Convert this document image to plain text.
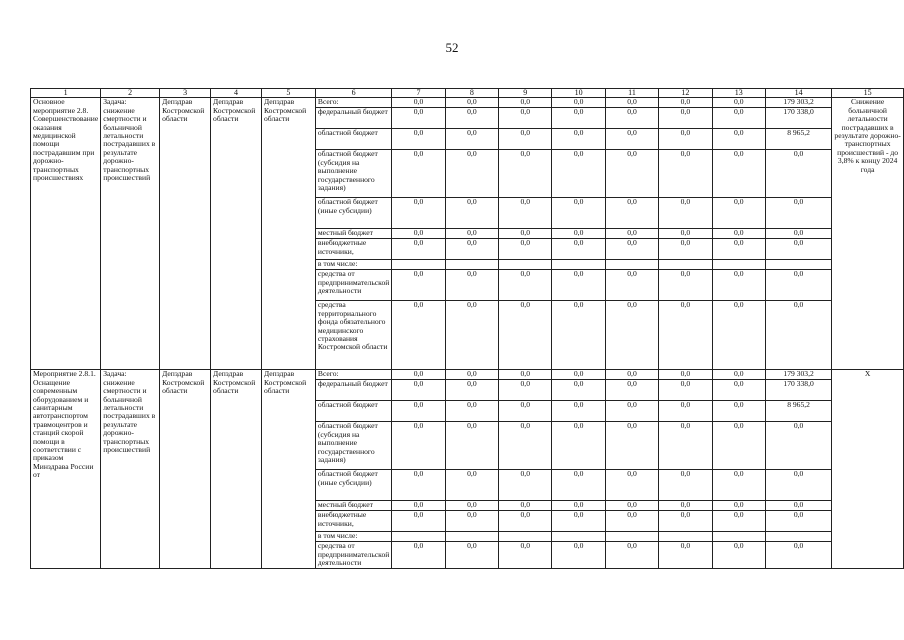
52
1	2	3	4	5	6	7	8	9	10	11	12	13	14	15
Основное мероприятие 2.8. Совершенствование оказания медицинской помощи пострадавшим при дорожно-транспортных происшествиях	Задача: снижение смертности и больничной летальности пострадавших в результате дорожно-транспортных происшествий	Депздрав Костромской области	Депздрав Костромской области	Депздрав Костромской области	Всего:	0,0	0,0	0,0	0,0	0,0	0,0	0,0	179 303,2	Снижение больничной летальности пострадавших в результате дорожно-транспортных происшествий - до 3,8% к концу 2024 года
					федеральный бюджет	0,0	0,0	0,0	0,0	0,0	0,0	0,0	170 338,0	
					областной бюджет	0,0	0,0	0,0	0,0	0,0	0,0	0,0	8 965,2	
					областной бюджет (субсидия на выполнение государственного задания)	0,0	0,0	0,0	0,0	0,0	0,0	0,0	0,0	
					областной бюджет (иные субсидии)	0,0	0,0	0,0	0,0	0,0	0,0	0,0	0,0	
					местный бюджет	0,0	0,0	0,0	0,0	0,0	0,0	0,0	0,0	
					внебюджетные источники,	0,0	0,0	0,0	0,0	0,0	0,0	0,0	0,0	
					в том числе:									
					средства от предпринимательской деятельности	0,0	0,0	0,0	0,0	0,0	0,0	0,0	0,0	
					средства территориального фонда обязательного медицинского страхования Костромской области	0,0	0,0	0,0	0,0	0,0	0,0	0,0	0,0	
Мероприятие 2.8.1. Оснащение современным оборудованием и санитарным автотранспортом травмоцентров и станций скорой помощи в соответствии с приказом Минздрава России от	Задача: снижение смертности и больничной летальности пострадавших в результате дорожно-транспортных происшествий	Депздрав Костромской области	Депздрав Костромской области	Депздрав Костромской области	Всего:	0,0	0,0	0,0	0,0	0,0	0,0	0,0	179 303,2	Х
					федеральный бюджет	0,0	0,0	0,0	0,0	0,0	0,0	0,0	170 338,0	
					областной бюджет	0,0	0,0	0,0	0,0	0,0	0,0	0,0	8 965,2	
					областной бюджет (субсидия на выполнение государственного задания)	0,0	0,0	0,0	0,0	0,0	0,0	0,0	0,0	
					областной бюджет (иные субсидии)	0,0	0,0	0,0	0,0	0,0	0,0	0,0	0,0	
					местный бюджет	0,0	0,0	0,0	0,0	0,0	0,0	0,0	0,0	
					внебюджетные источники,	0,0	0,0	0,0	0,0	0,0	0,0	0,0	0,0	
					в том числе:									
					средства от предпринимательской деятельности	0,0	0,0	0,0	0,0	0,0	0,0	0,0	0,0	
